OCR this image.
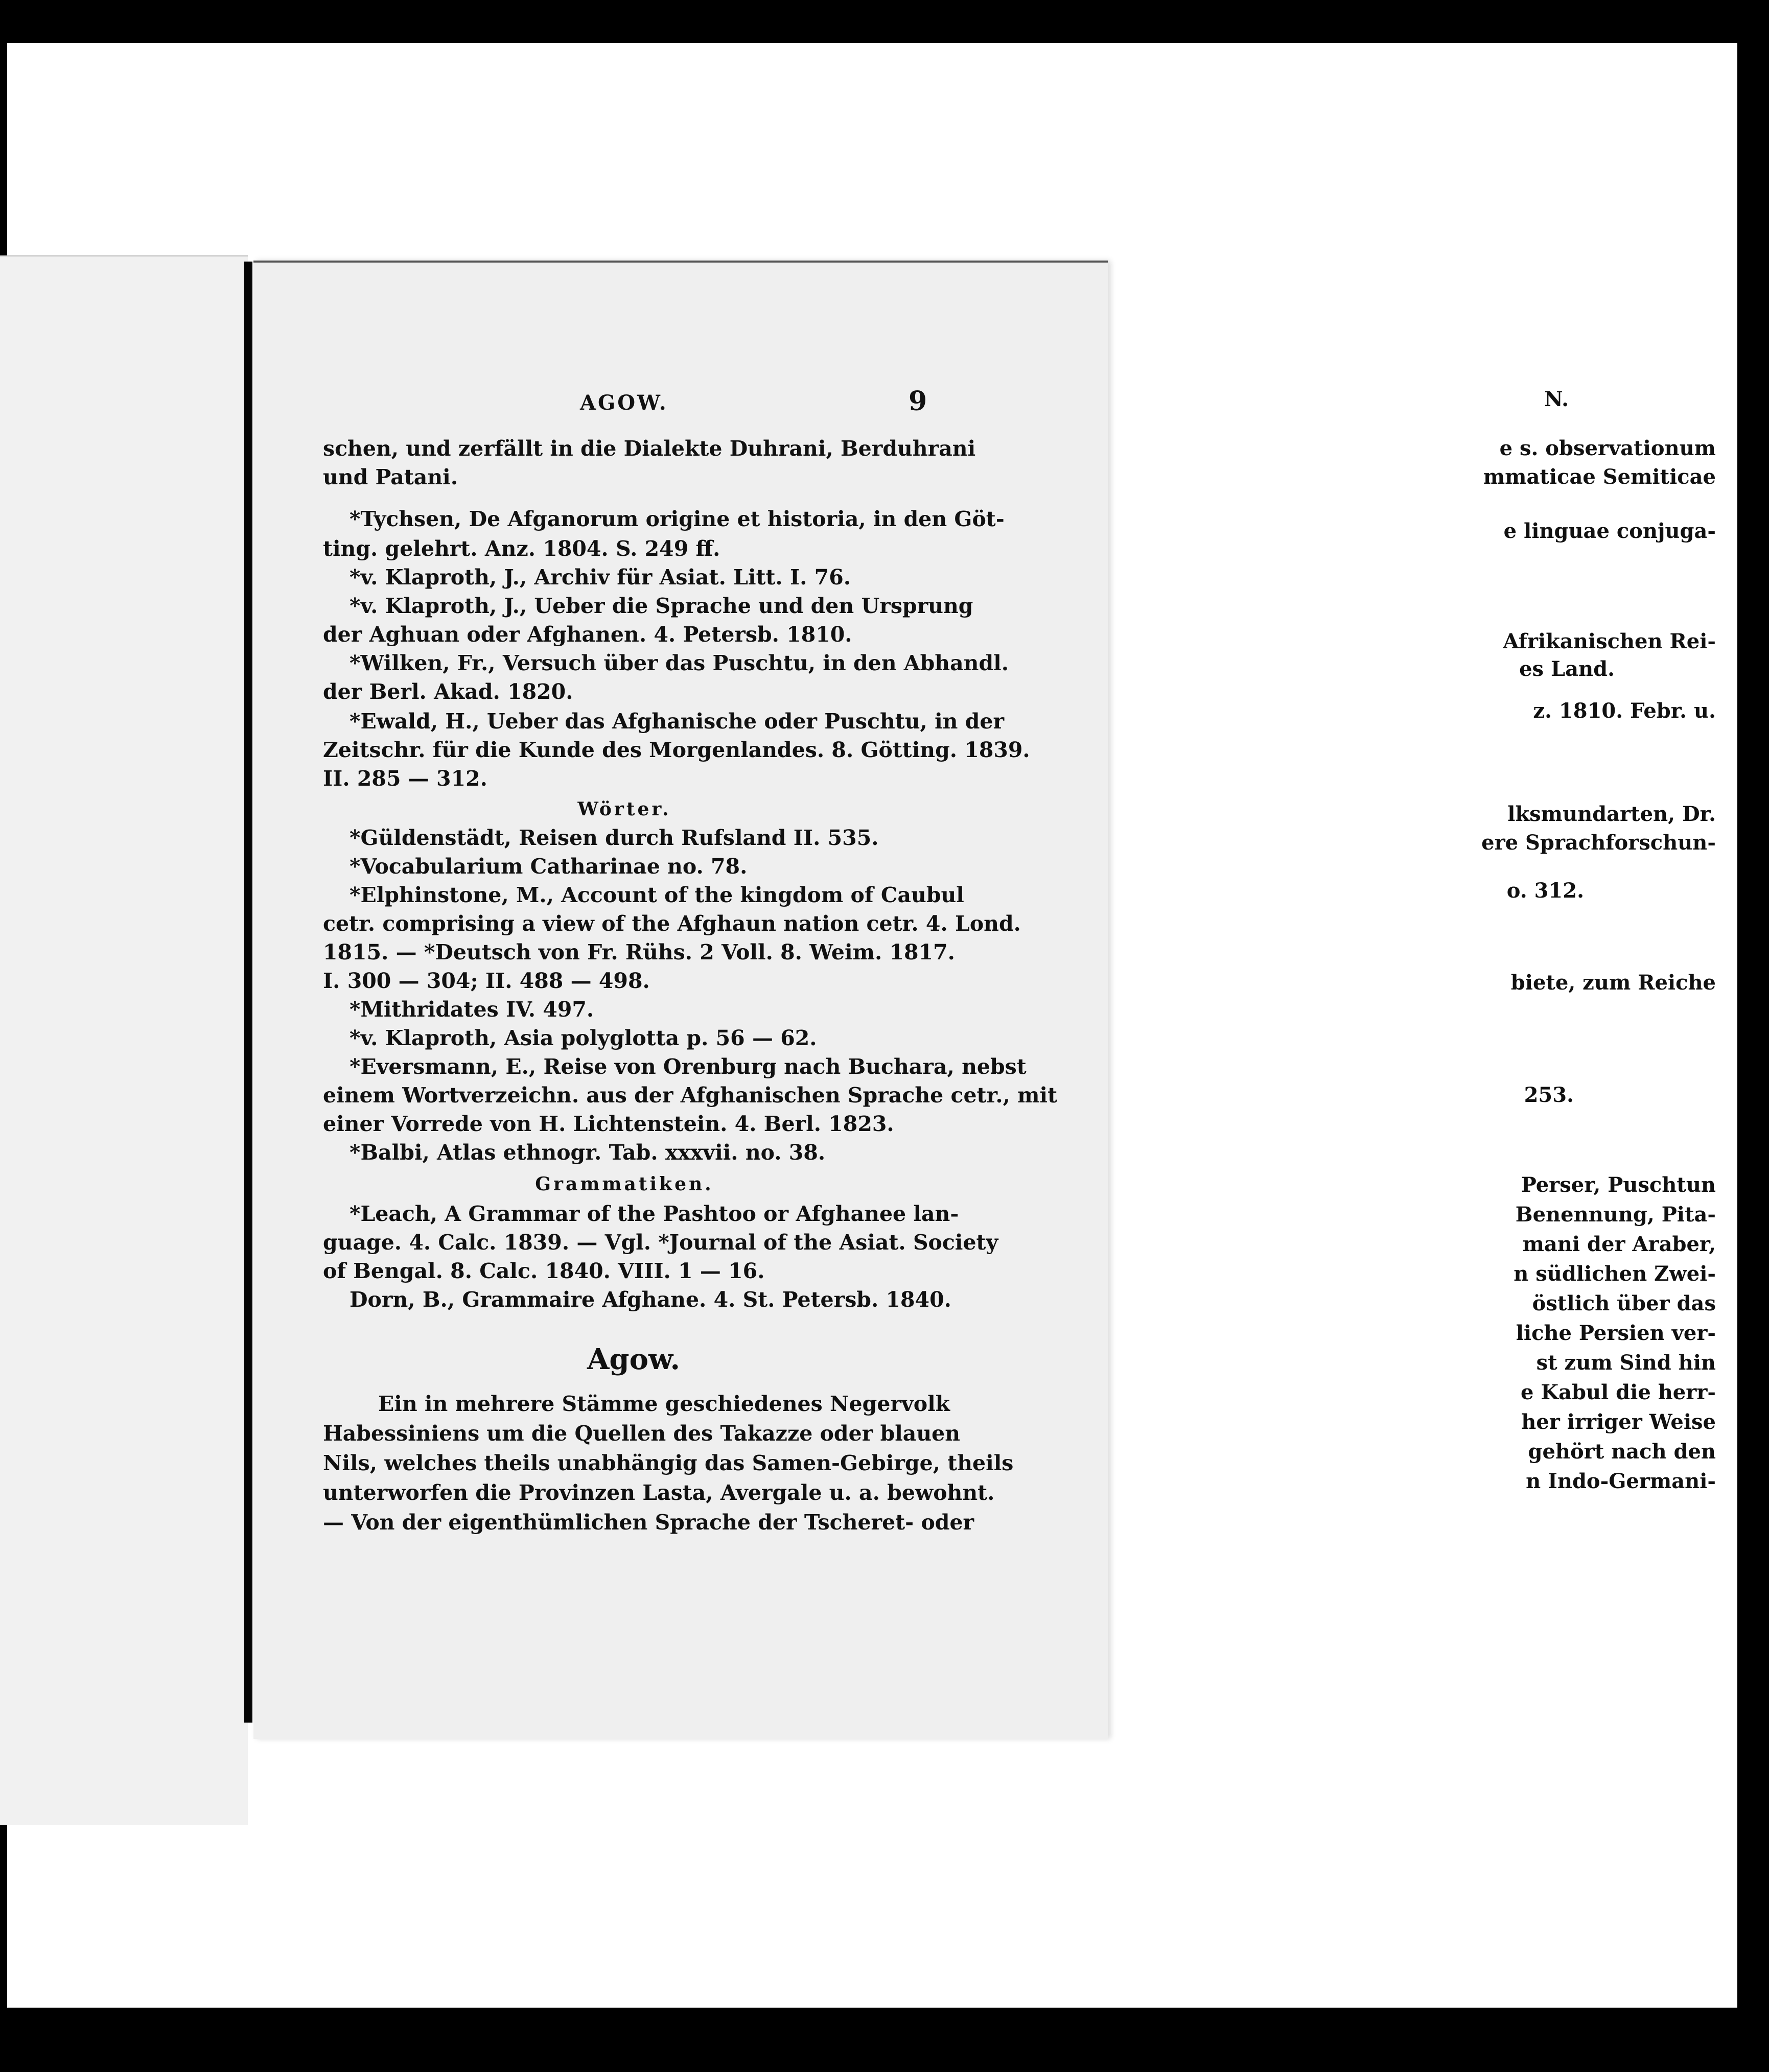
N.
e s. observationum
mmaticae Semiticae
e linguae conjuga-
Afrikanischen Rei-
es Land.
z. 1810. Febr. u.
lksmundarten, Dr.
ere Sprachforschun-
o. 312.
biete, zum Reiche
253.
Perser, Puschtun
Benennung, Pita-
mani der Araber,
n südlichen Zwei-
östlich über das
liche Persien ver-
st zum Sind hin
e Kabul die herr-
her irriger Weise
gehört nach den
n Indo-Germani-
AGOW.	9
schen, und zerfällt in die Dialekte Duhrani, Berduhrani
und Patani.
*Tychsen, De Afganorum origine et historia, in den Göt-
ting. gelehrt. Anz. 1804. S. 249 ff.
*v. Klaproth, J., Archiv für Asiat. Litt. I. 76.
*v. Klaproth, J., Ueber die Sprache und den Ursprung
der Aghuan oder Afghanen. 4. Petersb. 1810.
*Wilken, Fr., Versuch über das Puschtu, in den Abhandl.
der Berl. Akad. 1820.
*Ewald, H., Ueber das Afghanische oder Puschtu, in der
Zeitschr. für die Kunde des Morgenlandes. 8. Götting. 1839.
II. 285 — 312.
Wörter.
*Güldenstädt, Reisen durch Rufsland II. 535.
*Vocabularium Catharinae no. 78.
*Elphinstone, M., Account of the kingdom of Caubul
cetr. comprising a view of the Afghaun nation cetr. 4. Lond.
1815. — *Deutsch von Fr. Rühs. 2 Voll. 8. Weim. 1817.
I. 300 — 304; II. 488 — 498.
*Mithridates IV. 497.
*v. Klaproth, Asia polyglotta p. 56 — 62.
*Eversmann, E., Reise von Orenburg nach Buchara, nebst
einem Wortverzeichn. aus der Afghanischen Sprache cetr., mit
einer Vorrede von H. Lichtenstein. 4. Berl. 1823.
*Balbi, Atlas ethnogr. Tab. xxxvii. no. 38.
Grammatiken.
*Leach, A Grammar of the Pashtoo or Afghanee lan-
guage. 4. Calc. 1839. — Vgl. *Journal of the Asiat. Society
of Bengal. 8. Calc. 1840. VIII. 1 — 16.
Dorn, B., Grammaire Afghane. 4. St. Petersb. 1840.
Agow.
Ein in mehrere Stämme geschiedenes Negervolk
Habessiniens um die Quellen des Takazze oder blauen
Nils, welches theils unabhängig das Samen-Gebirge, theils
unterworfen die Provinzen Lasta, Avergale u. a. bewohnt.
— Von der eigenthümlichen Sprache der Tscheret- oder
